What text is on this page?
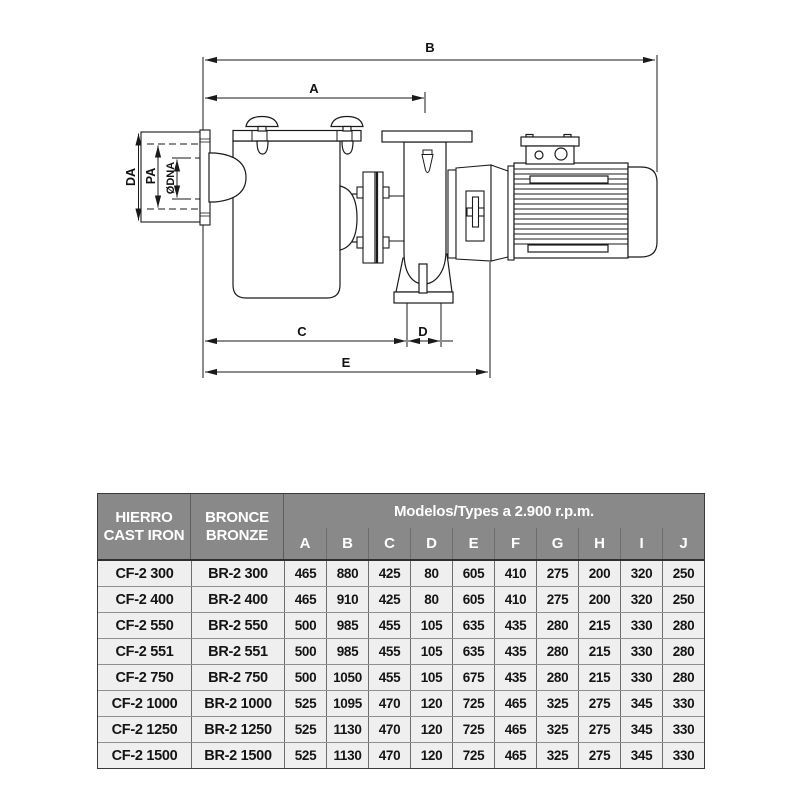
B
A
C	D
E
DA PA ØDNA
HIERRO
CAST IRON
BRONCE
BRONZE
Modelos/Types a 2.900 r.p.m.
A	B	C	D	E	F	G	H	I	J
CF-2 300	BR-2 300	465	880	425	80	605	410	275	200	320	250
CF-2 400	BR-2 400	465	910	425	80	605	410	275	200	320	250
CF-2 550	BR-2 550	500	985	455	105	635	435	280	215	330	280
CF-2 551	BR-2 551	500	985	455	105	635	435	280	215	330	280
CF-2 750	BR-2 750	500	1050	455	105	675	435	280	215	330	280
CF-2 1000	BR-2 1000	525	1095	470	120	725	465	325	275	345	330
CF-2 1250	BR-2 1250	525	1130	470	120	725	465	325	275	345	330
CF-2 1500	BR-2 1500	525	1130	470	120	725	465	325	275	345	330
